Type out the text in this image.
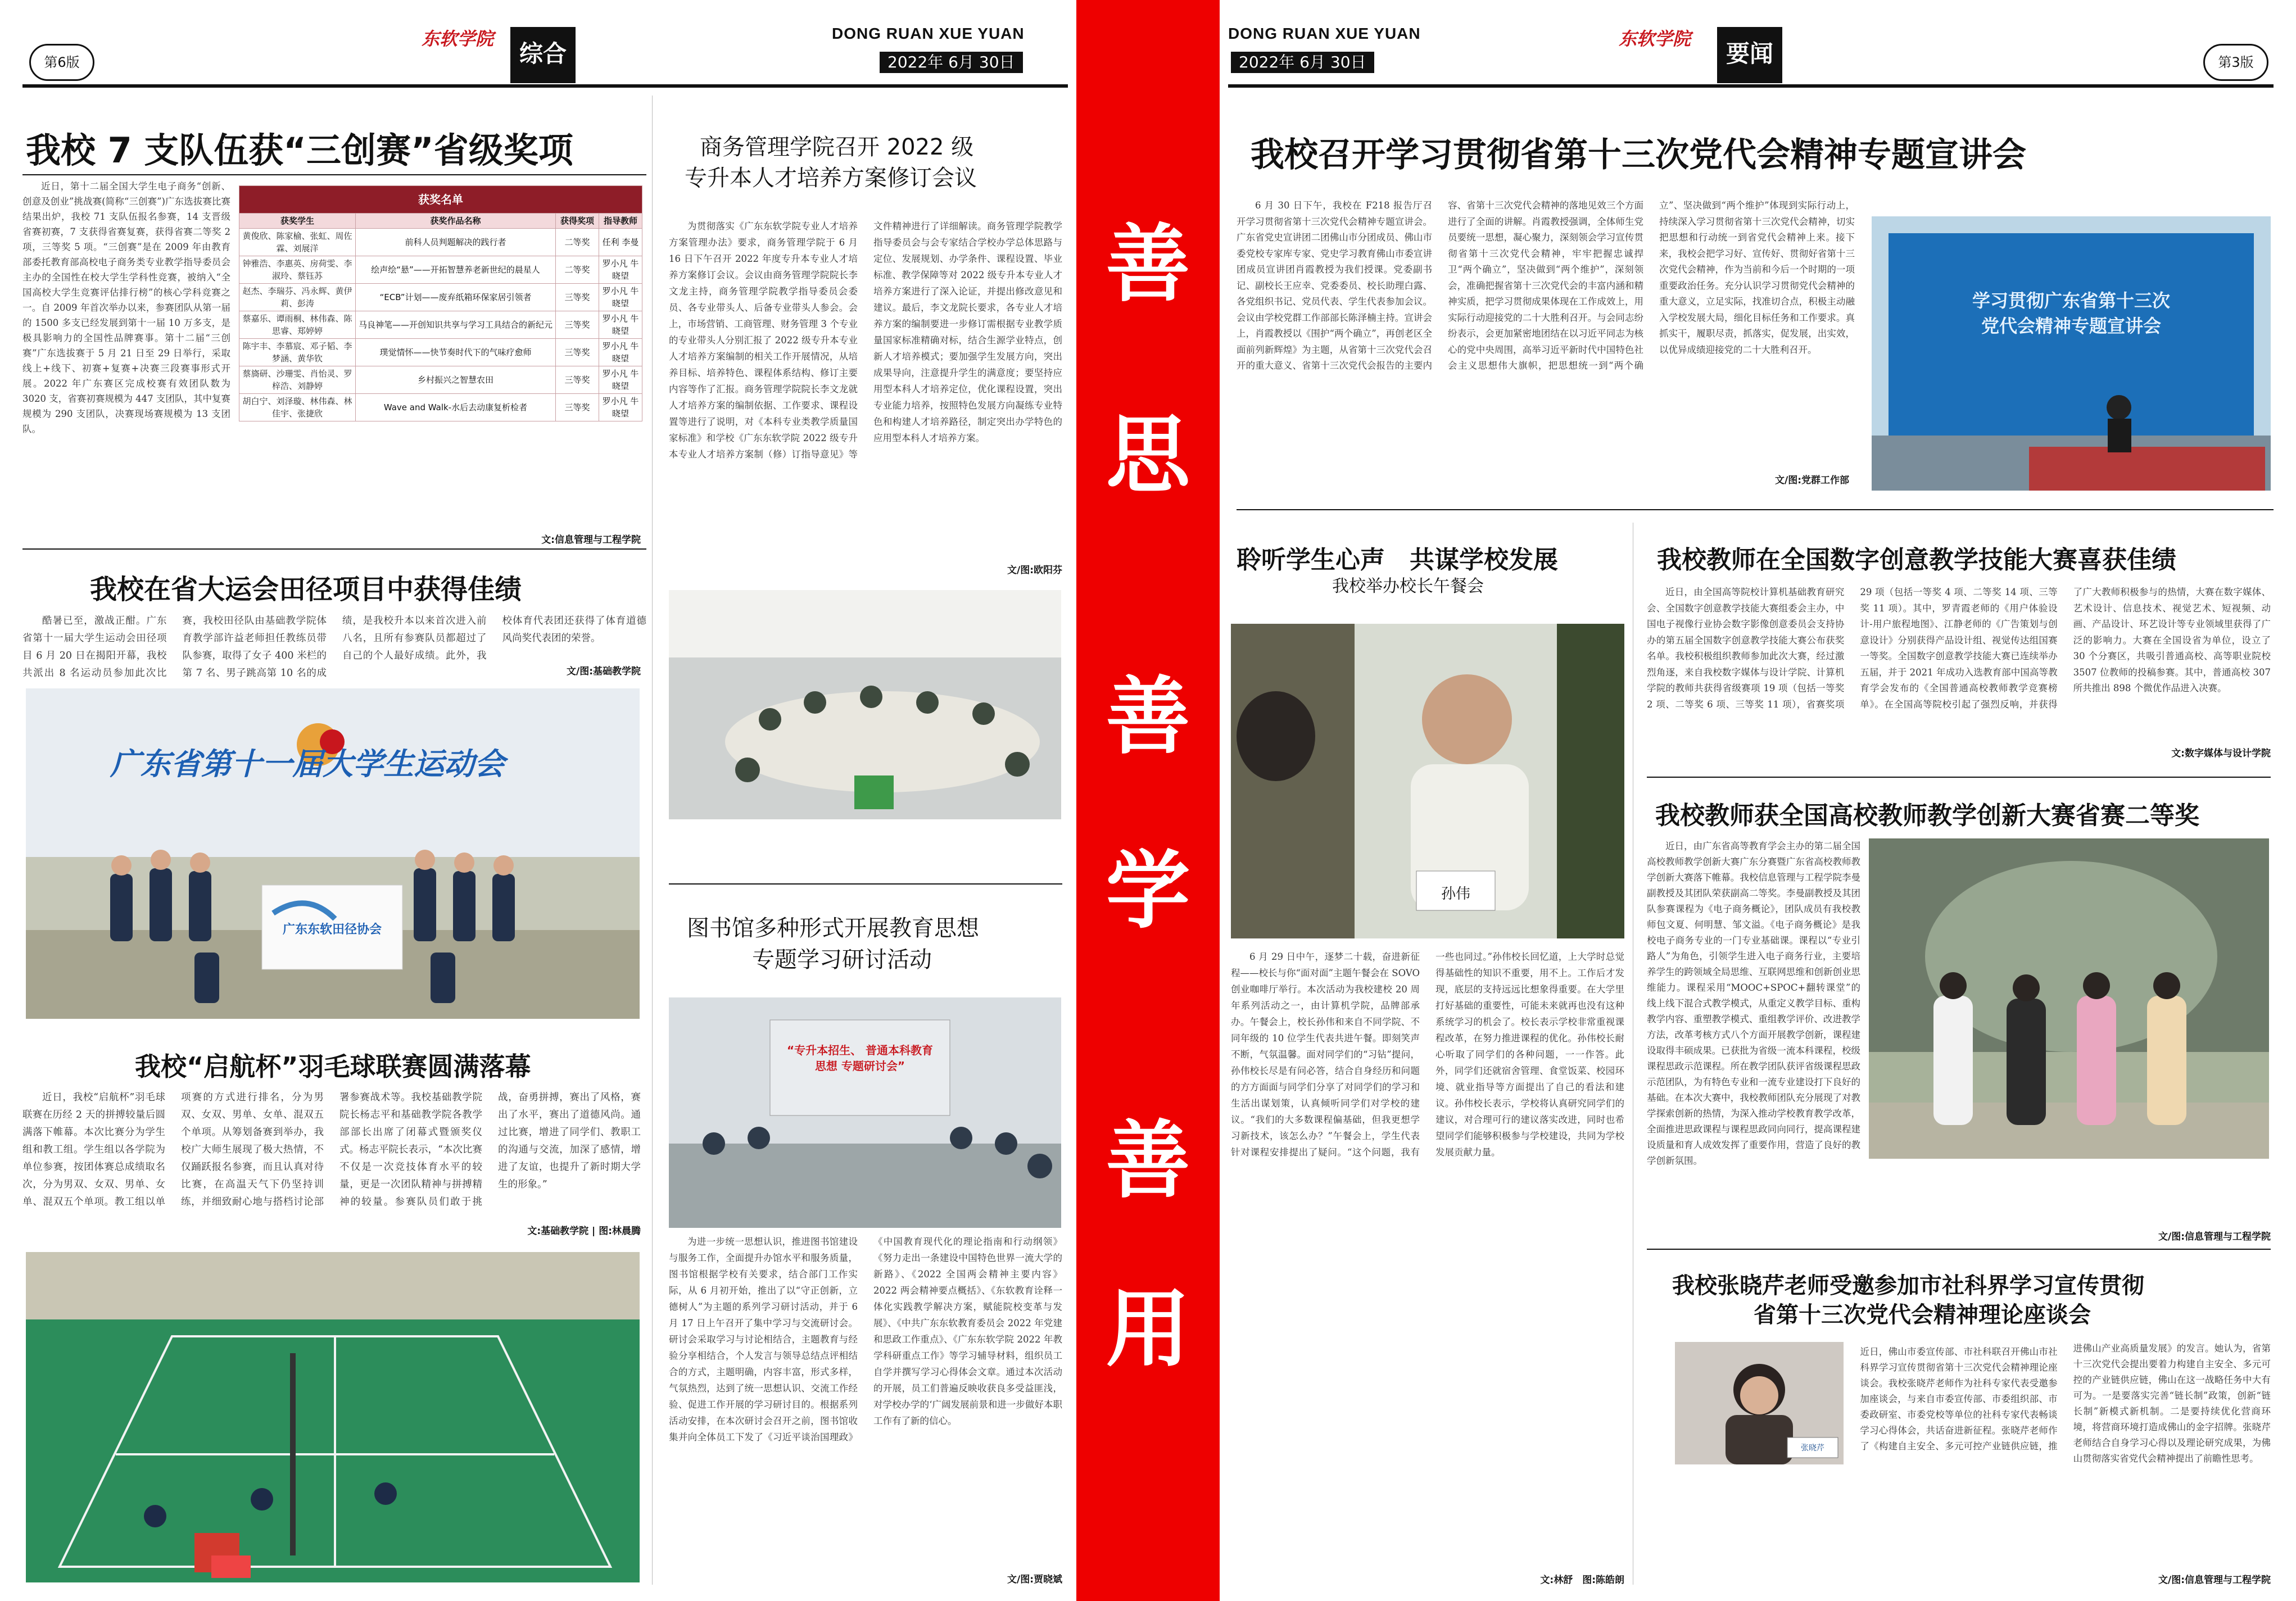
第6版
东软学院
综合
DONG RUAN XUE YUAN
2022年 6月 30日
DONG RUAN XUE YUAN
2022年 6月 30日
东软学院
要闻	第3版
善
思
善
学
善
用
我校 7 支队伍获“三创赛”省级奖项
近日，第十二届全国大学生电子商务“创新、创意及创业”挑战赛(简称“三创赛”)广东选拔赛比赛结果出炉，我校 71 支队伍报名参赛，14 支晋级省赛初赛，7 支获得省赛复赛，获得省赛二等奖 2 项，三等奖 5 项。“三创赛”是在 2009 年由教育部委托教育部高校电子商务类专业教学指导委员会主办的全国性在校大学生学科性竞赛，被纳入“全国高校大学生竞赛评估排行榜”的核心学科竞赛之一。自 2009 年首次举办以来，参赛团队从第一届的 1500 多支已经发展到第十一届 10 万多支，是极具影响力的全国性品牌赛事。第十二届“三创赛”广东选拔赛于 5 月 21 日至 29 日举行，采取线上+线下、初赛+复赛+决赛三段赛事形式开展。2022 年广东赛区完成校赛有效团队数为 3020 支，省赛初赛规模为 447 支团队，其中复赛规模为 290 支团队，决赛现场赛规模为 13 支团队。
获奖名单			
获奖学生	获奖作品名称	获得奖项	指导教师
黄俊欣、陈家榆、张虹、周佐霖、刘展洋	前科人员判题解决的践行者	二等奖	任利 李曼
钟雅浩、李惠英、房荷雯、李淑玲、蔡钰苏	绘声绘“悬”——开拓智慧养老新世纪的晨星人	二等奖	罗小凡 牛晓望
赵杰、李瑞芬、冯永辉、黄伊莉、彭涛	“ECB”计划——废弃纸箱环保家居引领者	三等奖	罗小凡 牛晓望
蔡嘉乐、谭雨桐、林伟森、陈思睿、郑婷婷	马良神笔——开创知识共享与学习工具结合的新纪元	三等奖	罗小凡 牛晓望
陈宇丰、李慕宸、邓子韬、李梦涵、黄华钦	璞觉情怀——快节奏时代下的气味疗愈师	三等奖	罗小凡 牛晓望
蔡旖研、沙珊雯、肖怡灵、罗梓浩、刘静婷	乡村振兴之智慧农田	三等奖	罗小凡 牛晓望
胡白宁、刘泽璇、林伟森、林佳宇、张捷欣	Wave and Walk-水后去动康复析检者	三等奖	罗小凡 牛晓望
文:信息管理与工程学院
我校在省大运会田径项目中获得佳绩
酷暑已至，激战正酣。广东省第十一届大学生运动会田径项目 6 月 20 日在揭阳开幕，我校共派出 8 名运动员参加此次比赛，我校田径队由基础教学院体育教学部许益老师担任教练员带队参赛，取得了女子 400 米栏的第 7 名、男子跳高第 10 名的成绩，是我校升本以来首次进入前八名，且所有参赛队员都超过了自己的个人最好成绩。此外，我校体育代表团还获得了体育道德风尚奖代表团的荣誉。
文/图:基础教学院
广东省第十一届大学生运动会
广东东软田径协会
我校“启航杯”羽毛球联赛圆满落幕
近日，我校“启航杯”羽毛球联赛在历经 2 天的拼搏较量后圆满落下帷幕。本次比赛分为学生组和教工组。学生组以各学院为单位参赛，按团体赛总成绩取名次，分为男双、女双、男单、女单、混双五个单项。教工组以单项赛的方式进行排名，分为男双、女双、男单、女单、混双五个单项。从筹划备赛到举办，我校广大师生展现了极大热情，不仅踊跃报名参赛，而且认真对待比赛，在高温天气下仍坚持训练，并细致耐心地与搭档讨论部署参赛战术等。我校基础教学院院长杨志平和基础教学院各教学部部长出席了闭幕式暨颁奖仪式。杨志平院长表示，“本次比赛不仅是一次竞技体育水平的较量，更是一次团队精神与拼搏精神的较量。参赛队员们敢于挑战，奋勇拼搏，赛出了风格，赛出了水平，赛出了道德风尚。通过比赛，增进了同学们、教职工的沟通与交流，加深了感情，增进了友谊，也提升了新时期大学生的形象。”
文:基础教学院 | 图:林晨腾
商务管理学院召开 2022 级
专升本人才培养方案修订会议
为贯彻落实《广东东软学院专业人才培养方案管理办法》要求，商务管理学院于 6 月 16 日下午召开 2022 年度专升本专业人才培养方案修订会议。会议由商务管理学院院长李文龙主持，商务管理学院教学指导委员会委员、各专业带头人、后备专业带头人参会。会上，市场营销、工商管理、财务管理 3 个专业的专业带头人分别汇报了 2022 级专升本专业人才培养方案编制的相关工作开展情况，从培养目标、培养特色、课程体系结构、修订主要内容等作了汇报。商务管理学院院长李文龙就人才培养方案的编制依据、工作要求、课程设置等进行了说明，对《本科专业类教学质量国家标准》和学校《广东东软学院 2022 级专升本专业人才培养方案制（修）订指导意见》等文件精神进行了详细解读。商务管理学院教学指导委员会与会专家结合学校办学总体思路与定位、发展规划、办学条件、课程设置、毕业标准、教学保障等对 2022 级专升本专业人才培养方案进行了深入论证，并提出修改意见和建议。最后，李文龙院长要求，各专业人才培养方案的编制要进一步修订需根据专业教学质量国家标准精确对标，结合生源学业特点，创新人才培养模式；要加强学生发展方向，突出成果导向，注意提升学生的满意度；要坚持应用型本科人才培养定位，优化课程设置，突出专业能力培养，按照特色发展方向凝练专业特色和构建人才培养路径，制定突出办学特色的应用型本科人才培养方案。
文/图:欧阳芬
图书馆多种形式开展教育思想
专题学习研讨活动
“专升本招生、 普通本科教育思想 专题研讨会”
为进一步统一思想认识，推进图书馆建设与服务工作，全面提升办馆水平和服务质量，图书馆根据学校有关要求，结合部门工作实际，从 6 月初开始，推出了以“守正创新，立德树人”为主题的系列学习研讨活动，并于 6 月 17 日上午召开了集中学习与交流研讨会。研讨会采取学习与讨论相结合，主题教育与经验分享相结合，个人发言与领导总结点评相结合的方式，主题明确，内容丰富，形式多样，气氛热烈，达到了统一思想认识、交流工作经验、促进工作开展的学习研讨目的。根据系列活动安排，在本次研讨会召开之前，图书馆收集并向全体员工下发了《习近平谈治国理政》《中国教育现代化的理论指南和行动纲领》《努力走出一条建设中国特色世界一流大学的新路》、《2022 全国两会精神主要内容》2022 两会精神要点概括》、《东软教育诠释一体化实践教学解决方案，赋能院校变革与发展》、《中共广东东软教育委员会 2022 年党建和思政工作重点》、《广东东软学院 2022 年教学科研重点工作》等学习辅导材料，组织员工自学并撰写学习心得体会文章。通过本次活动的开展，员工们普遍反映收获良多受益匪浅，对学校办学的‘广阔发展前景和进一步做好本职工作有了新的信心。
文/图:贾晓斌
我校召开学习贯彻省第十三次党代会精神专题宣讲会
6 月 30 日下午，我校在 F218 报告厅召开学习贯彻省第十三次党代会精神专题宣讲会。广东省党史宣讲团二团佛山市分团成员、佛山市委党校专家库专家、党史学习教育佛山市委宣讲团成员宣讲团肖霞教授为我们授课。党委副书记、副校长王应幸、党委委员、校长助理白露、各党组织书记、党员代表、学生代表参加会议。会议由学校党群工作部部长陈泽楠主持。宣讲会上，肖霞教授以《围护“两个确立”，再创老区全面前列新辉煌》为主题，从省第十三次党代会召开的重大意义、省第十三次党代会报告的主要内容、省第十三次党代会精神的落地见效三个方面进行了全面的讲解。肖霞教授强调，全体师生党员要统一思想，凝心聚力，深刻领会学习宣传贯彻省第十三次党代会精神，牢牢把握忠诚捍卫“两个确立”，坚决做到“两个维护”，深刻领会，准确把握省第十三次党代会的丰富内涵和精神实质，把学习贯彻成果体现在工作成效上，用实际行动迎接党的二十大胜利召开。与会同志纷纷表示，会更加紧密地团结在以习近平同志为核心的党中央周围，高举习近平新时代中国特色社会主义思想伟大旗帜，把思想统一到“两个确立”、坚决做到“两个维护”体现到实际行动上，持续深入学习贯彻省第十三次党代会精神，切实把思想和行动统一到省党代会精神上来。接下来，我校会把学习好、宣传好、贯彻好省第十三次党代会精神，作为当前和今后一个时期的一项重要政治任务。充分认识学习贯彻党代会精神的重大意义，立足实际，找准切合点，积极主动融入学校发展大局，细化目标任务和工作要求。真抓实干，履职尽责，抓落实，促发展，出实效，以优异成绩迎接党的二十大胜利召开。
文/图:党群工作部
学习贯彻广东省第十三次
党代会精神专题宣讲会
聆听学生心声　共谋学校发展
我校举办校长午餐会
孙伟
6 月 29 日中午，逐梦二十载，奋进新征程——校长与你“面对面”主题午餐会在 SOVO 创业咖啡厅举行。本次活动为我校建校 20 周年系列活动之一，由计算机学院，品牌部承办。午餐会上，校长孙伟和来自不同学院、不同年级的 10 位学生代表共进午餐。即刻笑声不断，气氛温馨。面对同学们的“习钻”提问，孙伟校长尽是有问必答，结合自身经历和问题的方方面面与同学们分享了对同学们的学习和生活出谋划策，认真倾听同学们对学校的建议。“我们的大多数课程偏基础，但我更想学习新技术，该怎么办？”午餐会上，学生代表针对课程安排提出了疑问。“这个问题，我有一些也同过。”孙伟校长回忆道，上大学时总觉得基础性的知识不重要，用不上。工作后才发现，底层的支持远远比想象得重要。在大学里打好基础的重要性，可能未来就再也没有这种系统学习的机会了。校长表示学校非常重视课程改革，在努力推进课程的优化。孙伟校长耐心听取了同学们的各种问题，一一作答。此外，同学们还就宿舍管理、食堂饭菜、校园环境、就业指导等方面提出了自己的看法和建议。孙伟校长表示，学校将认真研究同学们的建议，对合理可行的建议落实改进，同时也希望同学们能够积极参与学校建设，共同为学校发展贡献力量。
文:林舒　图:陈皓朗
我校教师在全国数字创意教学技能大赛喜获佳绩
近日，由全国高等院校计算机基础教育研究会、全国数字创意教学技能大赛组委会主办，中国电子视像行业协会数字影像创意委员会支持协办的第五届全国数字创意教学技能大赛公布获奖名单。我校积极组织教师参加此次大赛，经过激烈角逐，来自我校数字媒体与设计学院、计算机学院的教师共获得省级赛项 19 项（包括一等奖 2 项、二等奖 6 项、三等奖 11 项），省赛奖项 29 项（包括一等奖 4 项、二等奖 14 项、三等奖 11 项）。其中，罗青霞老师的《用户体验设计-用户旅程地图》、江静老师的《广告策划与创意设计》分别获得产品设计组、视觉传达组国赛一等奖。全国数字创意教学技能大赛已连续举办五届，并于 2021 年成功入选教育部中国高等教育学会发布的《全国普通高校教师教学竞赛榜单》。在全国高等院校引起了强烈反响，并获得了广大教师积极参与的热情，大赛在数字媒体、艺术设计、信息技术、视觉艺术、短视频、动画、产品设计、环艺设计等专业领域里获得了广泛的影响力。大赛在全国设省为单位，设立了 30 个分赛区，共吸引普通高校、高等职业院校 3507 位教师的投稿参赛。其中，普通高校 307 所共推出 898 个微优作品进入决赛。
文:数字媒体与设计学院
我校教师获全国高校教师教学创新大赛省赛二等奖
近日，由广东省高等教育学会主办的第二届全国高校教师教学创新大赛广东分赛暨广东省高校教师教学创新大赛落下帷幕。我校信息管理与工程学院李曼副教授及其团队荣获副高二等奖。李曼副教授及其团队参赛课程为《电子商务概论》，团队成员有我校教师包文夏、何明慧、邹文溢。《电子商务概论》是我校电子商务专业的一门专业基础课。课程以“专业引路人”为角色，引领学生进入电子商务行业，主要培养学生的跨领域全局思维、互联网思维和创新创业思维能力。课程采用“MOOC+SPOC+翻转课堂”的线上线下混合式教学模式，从重定义教学目标、重构教学内容、重塑教学模式、重组教学评价、改进教学方法，改革考核方式八个方面开展教学创新，课程建设取得丰硕成果。已获批为省级一流本科课程，校级课程思政示范课程。所在教学团队获评省级课程思政示范团队，为有特色专业和一流专业建设打下良好的基础。在本次大赛中，我校教师团队充分展现了对教学探索创新的热情，为深入推动学校教育教学改革，全面推进思政课程与课程思政同向同行，提高课程建设质量和育人成效发挥了重要作用，营造了良好的教学创新氛围。
文/图:信息管理与工程学院
我校张晓芹老师受邀参加市社科界学习宣传贯彻
省第十三次党代会精神理论座谈会
张晓芹
近日，佛山市委宣传部、市社科联召开佛山市社科界学习宣传贯彻省第十三次党代会精神理论座谈会。我校张晓芹老师作为社科专家代表受邀参加座谈会，与来自市委宣传部、市委组织部、市委政研室、市委党校等单位的社科专家代表畅谈学习心得体会，共话奋进新征程。张晓芹老师作了《构建自主安全、多元可控产业链供应链，推进佛山产业高质量发展》的发言。她认为，省第十三次党代会提出要着力构建自主安全、多元可控的产业链供应链，佛山在这一战略任务中大有可为。一是要落实完善“链长制”政策，创新“链长制”新模式新机制。二是要持续优化营商环境，将营商环境打造成佛山的金字招牌。张晓芹老师结合自身学习心得以及理论研究成果，为佛山贯彻落实省党代会精神提出了前瞻性思考。
文/图:信息管理与工程学院
